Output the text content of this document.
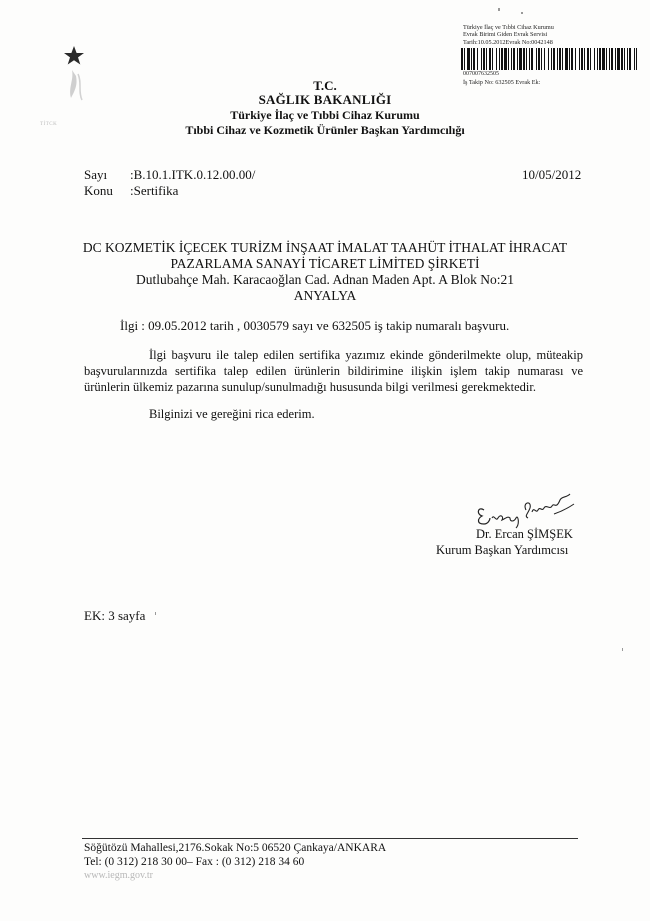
TİTCK
Türkiye İlaç ve Tıbbi Cihaz Kurumu
Evrak Birimi Giden Evrak Servisi
Tarih:10.05.2012Evrak No:0042148
007007632505
İş Takip No: 632505 Evrak Ek:
T.C.
SAĞLIK BAKANLIĞI
Türkiye İlaç ve Tıbbi Cihaz Kurumu
Tıbbi Cihaz ve Kozmetik Ürünler Başkan Yardımcılığı
Sayı :B.10.1.ITK.0.12.00.00/
Konu :Sertifika
10/05/2012
DC KOZMETİK İÇECEK TURİZM İNŞAAT İMALAT TAAHÜT İTHALAT İHRACAT
PAZARLAMA SANAYİ TİCARET LİMİTED ŞİRKETİ
Dutlubahçe Mah. Karacaoğlan Cad. Adnan Maden Apt. A Blok No:21
ANYALYA
İlgi : 09.05.2012 tarih , 0030579 sayı ve 632505 iş takip numaralı başvuru.
İlgi başvuru ile talep edilen sertifika yazımız ekinde gönderilmekte olup, müteakip başvurularınızda sertifika talep edilen ürünlerin bildirimine ilişkin işlem takip numarası ve ürünlerin ülkemiz pazarına sunulup/sunulmadığı hususunda bilgi verilmesi gerekmektedir.
Bilginizi ve gereğini rica ederim.
Dr. Ercan ŞİMŞEK
Kurum Başkan Yardımcısı
EK: 3 sayfa
Söğütözü Mahallesi,2176.Sokak No:5 06520 Çankaya/ANKARA
Tel: (0 312) 218 30 00– Fax : (0 312) 218 34 60
www.iegm.gov.tr
